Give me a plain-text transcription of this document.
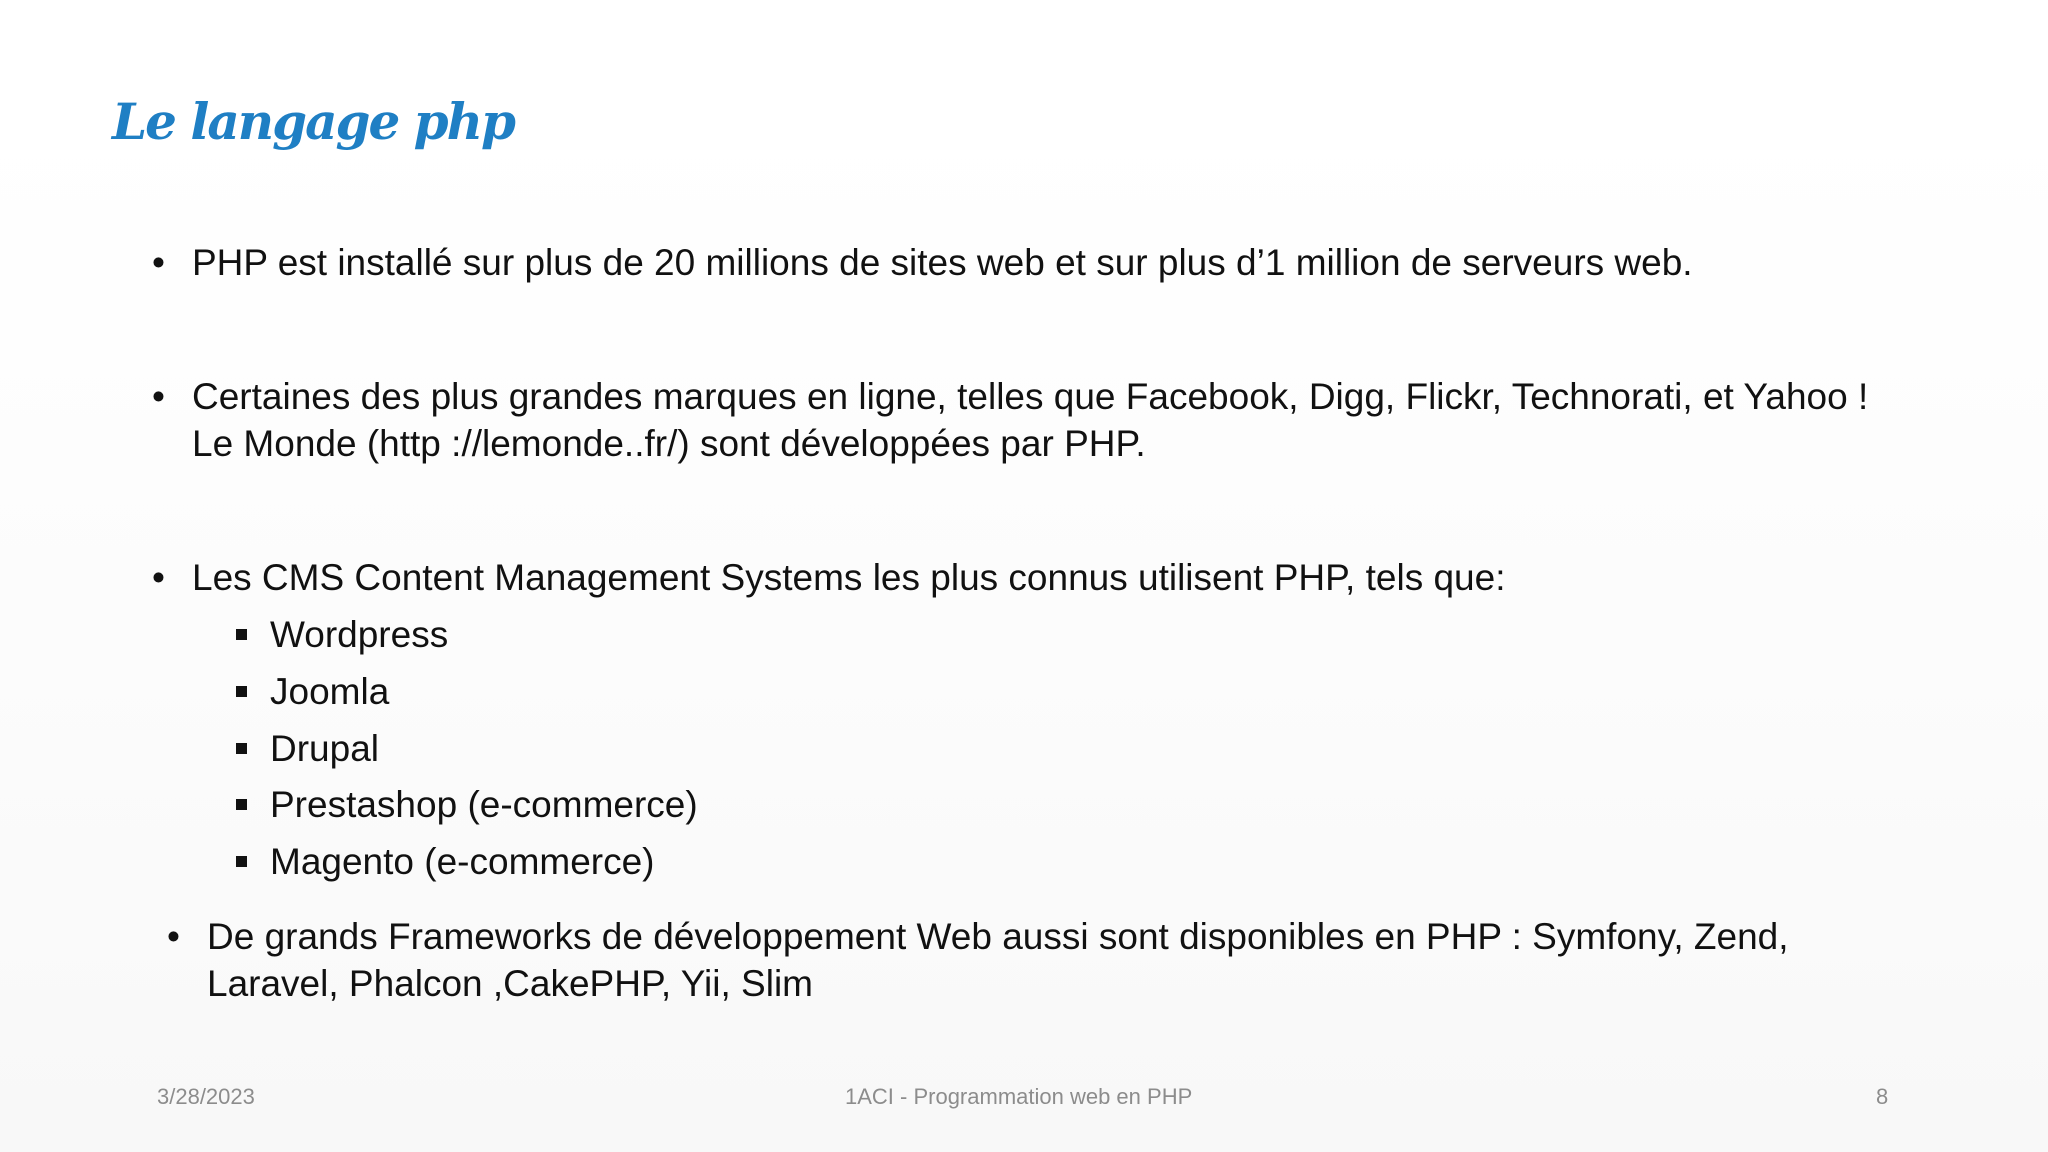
Le langage php
• PHP est installé sur plus de 20 millions de sites web et sur plus d’1 million de serveurs web.
• Certaines des plus grandes marques en ligne, telles que Facebook, Digg, Flickr, Technorati, et Yahoo !
Le Monde (http ://lemonde..fr/) sont développées par PHP.
• Les CMS Content Management Systems les plus connus utilisent PHP, tels que:
Wordpress
Joomla
Drupal
Prestashop (e-commerce)
Magento (e-commerce)
• De grands Frameworks de développement Web aussi sont disponibles en PHP : Symfony, Zend,
Laravel, Phalcon ,CakePHP, Yii, Slim
3/28/2023	1ACI - Programmation web en PHP	8
